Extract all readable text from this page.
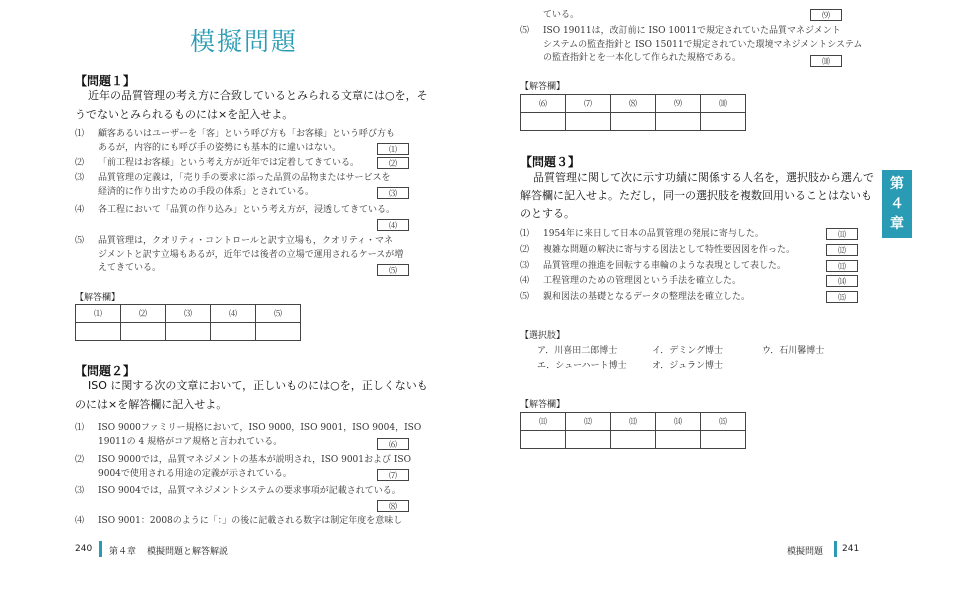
模擬問題
【問題１】
近年の品質管理の考え方に合致しているとみられる文章には○を，そ
うでないとみられるものには×を記入せよ。
⑴ 顧客あるいはユーザーを「客」という呼び方も「お客様」という呼び方も
あるが，内容的にも呼び手の姿勢にも基本的に違いはない。	⑴
⑵ 「前工程はお客様」という考え方が近年では定着してきている。	⑵
⑶ 品質管理の定義は，「売り手の要求に添った品質の品物またはサービスを
経済的に作り出すための手段の体系」とされている。	⑶
⑷ 各工程において「品質の作り込み」という考え方が，浸透してきている。
⑷
⑸ 品質管理は，クオリティ・コントロールと訳す立場も，クオリティ・マネ
ジメントと訳す立場もあるが，近年では後者の立場で運用されるケースが増
えてきている。	⑸
【解答欄】
⑴	⑵	⑶	⑷	⑸

【問題２】
ISO に関する次の文章において，正しいものには○を，正しくないも
のには×を解答欄に記入せよ。
⑴ ISO 9000ファミリー規格において，ISO 9000，ISO 9001，ISO 9004，ISO
19011の 4 規格がコア規格と言われている。	⑹
⑵ ISO 9000では，品質マネジメントの基本が説明され，ISO 9001および ISO
9004で使用される用途の定義が示されている。	⑺
⑶ ISO 9004では，品質マネジメントシステムの要求事項が記載されている。
⑻
⑷ ISO 9001：2008のように「：」の後に記載される数字は制定年度を意味し
240 第４章 模擬問題と解答解説
ている。	⑼
⑸ ISO 19011は，改訂前に ISO 10011で規定されていた品質マネジメント
システムの監査指針と ISO 15011で規定されていた環境マネジメントシステム
の監査指針とを一本化して作られた規格である。	⑽
【解答欄】
⑹	⑺	⑻	⑼	⑽

【問題３】
品質管理に関して次に示す功績に関係する人名を，選択肢から選んで
解答欄に記入せよ。ただし，同一の選択肢を複数回用いることはないも
のとする。
⑴ 1954年に来日して日本の品質管理の発展に寄与した。	⑾
⑵ 複雑な問題の解決に寄与する図法として特性要因図を作った。	⑿
⑶ 品質管理の推進を回転する車輪のような表現として表した。	⒀
⑷ 工程管理のための管理図という手法を確立した。	⒁
⑸ 親和図法の基礎となるデータの整理法を確立した。	⒂
【選択肢】
ア．川喜田二郎博士	イ．デミング博士	ウ．石川馨博士
エ．シューハート博士	オ．ジュラン博士
【解答欄】
⑾	⑿	⒀	⒁	⒂

第
４
章
模擬問題 241
